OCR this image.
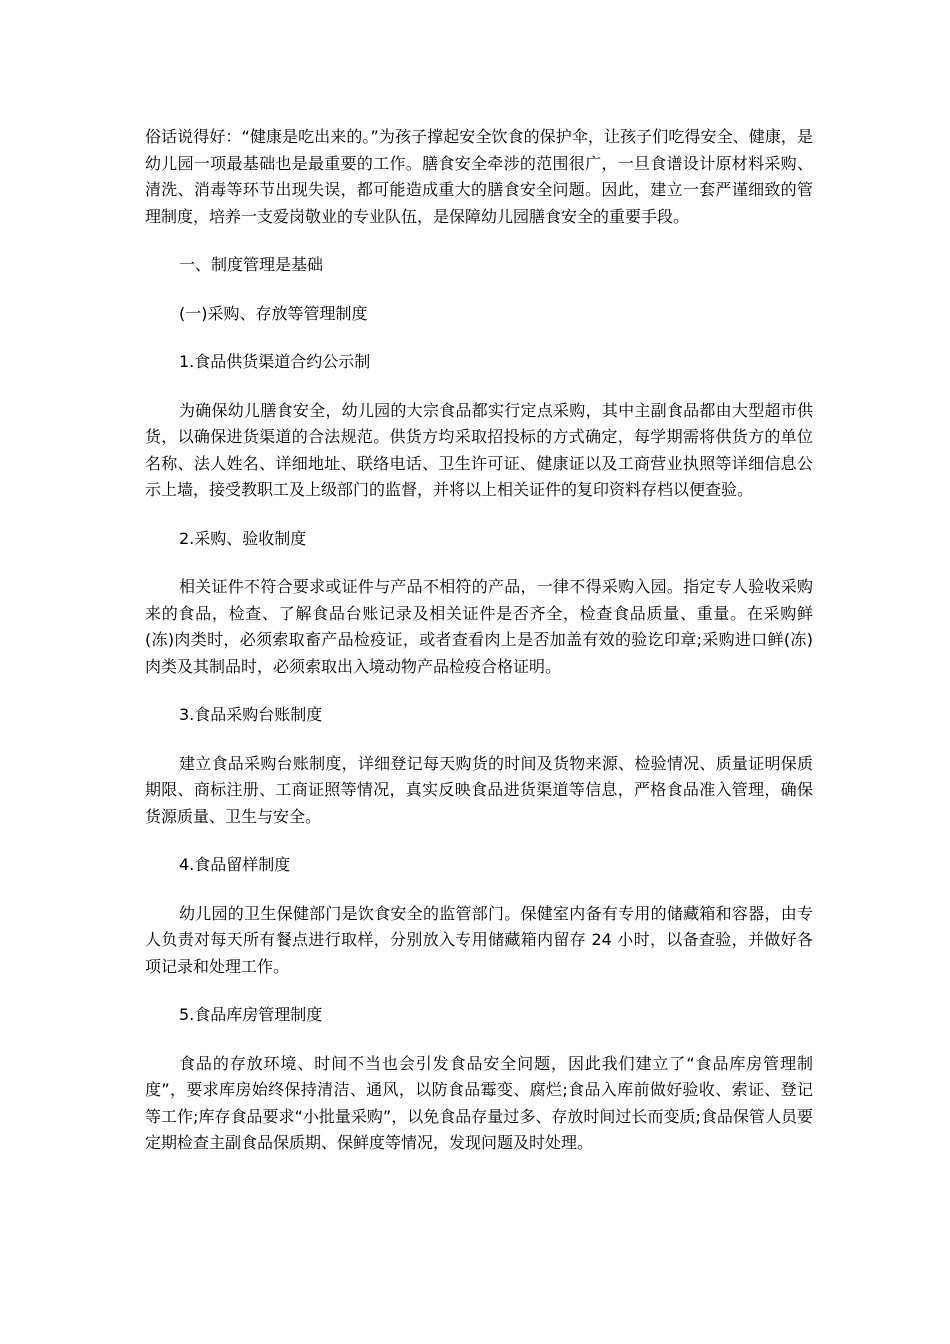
俗话说得好：“健康是吃出来的。”为孩子撑起安全饮食的保护伞，让孩子们吃得安全、健康，是幼儿园一项最基础也是最重要的工作。膳食安全牵涉的范围很广，一旦食谱设计原材料采购、清洗、消毒等环节出现失误，都可能造成重大的膳食安全问题。因此，建立一套严谨细致的管理制度，培养一支爱岗敬业的专业队伍，是保障幼儿园膳食安全的重要手段。

一、制度管理是基础

(一)采购、存放等管理制度

1.食品供货渠道合约公示制

为确保幼儿膳食安全，幼儿园的大宗食品都实行定点采购，其中主副食品都由大型超市供货，以确保进货渠道的合法规范。供货方均采取招投标的方式确定，每学期需将供货方的单位名称、法人姓名、详细地址、联络电话、卫生许可证、健康证以及工商营业执照等详细信息公示上墙，接受教职工及上级部门的监督，并将以上相关证件的复印资料存档以便查验。

2.采购、验收制度

相关证件不符合要求或证件与产品不相符的产品，一律不得采购入园。指定专人验收采购来的食品，检查、了解食品台账记录及相关证件是否齐全，检查食品质量、重量。在采购鲜(冻)肉类时，必须索取畜产品检疫证，或者查看肉上是否加盖有效的验讫印章;采购进口鲜(冻)肉类及其制品时，必须索取出入境动物产品检疫合格证明。

3.食品采购台账制度

建立食品采购台账制度，详细登记每天购货的时间及货物来源、检验情况、质量证明保质期限、商标注册、工商证照等情况，真实反映食品进货渠道等信息，严格食品准入管理，确保货源质量、卫生与安全。

4.食品留样制度

幼儿园的卫生保健部门是饮食安全的监管部门。保健室内备有专用的储藏箱和容器，由专人负责对每天所有餐点进行取样，分别放入专用储藏箱内留存 24 小时，以备查验，并做好各项记录和处理工作。

5.食品库房管理制度

食品的存放环境、时间不当也会引发食品安全问题，因此我们建立了“食品库房管理制度”，要求库房始终保持清洁、通风，以防食品霉变、腐烂;食品入库前做好验收、索证、登记等工作;库存食品要求“小批量采购”，以免食品存量过多、存放时间过长而变质;食品保管人员要定期检查主副食品保质期、保鲜度等情况，发现问题及时处理。
